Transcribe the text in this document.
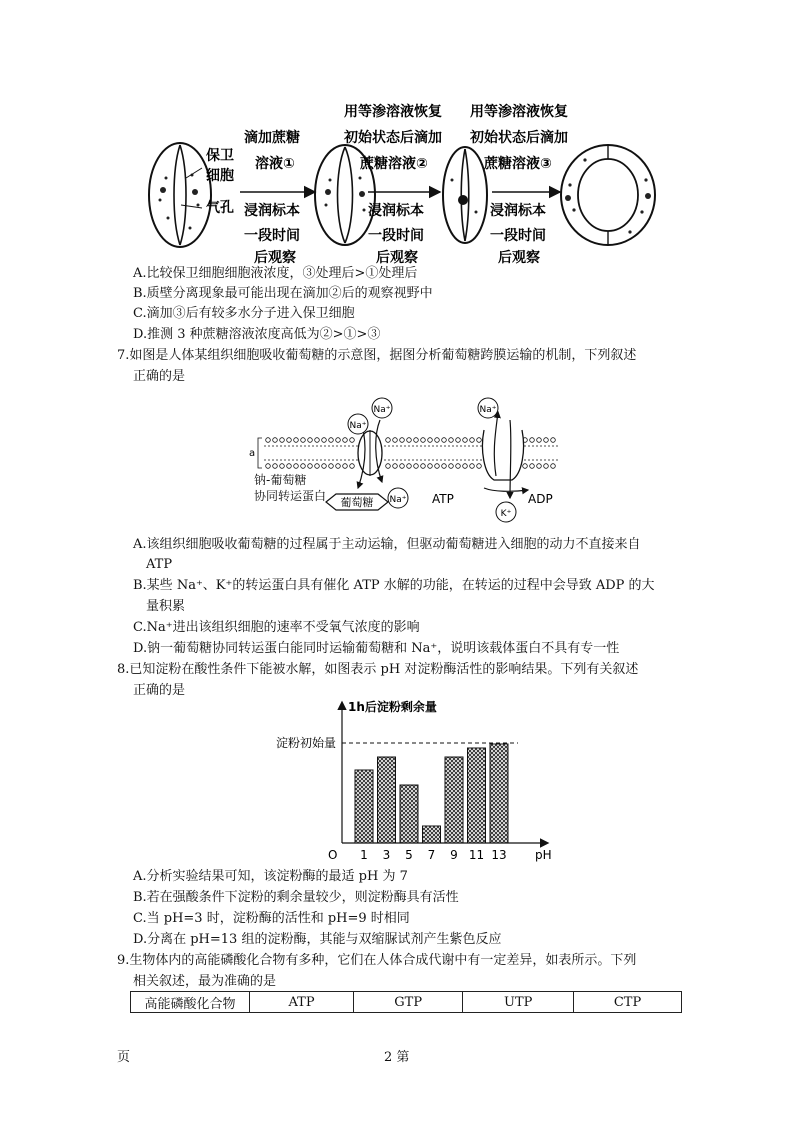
保卫
细胞
气孔
滴加蔗糖
溶液①
浸润标本
一段时间
后观察
用等渗溶液恢复
初始状态后滴加
蔗糖溶液②
浸润标本
一段时间
后观察
用等渗溶液恢复
初始状态后滴加
蔗糖溶液③
浸润标本
一段时间
后观察
A.比较保卫细胞细胞液浓度，③处理后>①处理后
B.质壁分离现象最可能出现在滴加②后的观察视野中
C.滴加③后有较多水分子进入保卫细胞
D.推测 3 种蔗糖溶液浓度高低为②>①>③
7.如图是人体某组织细胞吸收葡萄糖的示意图，据图分析葡萄糖跨膜运输的机制，下列叙述
正确的是
a
Na⁺
Na⁺
Na⁺
葡萄糖
Na⁺
K⁺
ATP	ADP
钠-葡萄糖
协同转运蛋白
A.该组织细胞吸收葡萄糖的过程属于主动运输，但驱动葡萄糖进入细胞的动力不直接来自
ATP
B.某些 Na⁺、K⁺的转运蛋白具有催化 ATP 水解的功能，在转运的过程中会导致 ADP 的大
量积累
C.Na⁺进出该组织细胞的速率不受氧气浓度的影响
D.钠一葡萄糖协同转运蛋白能同时运输葡萄糖和 Na⁺，说明该载体蛋白不具有专一性
8.已知淀粉在酸性条件下能被水解，如图表示 pH 对淀粉酶活性的影响结果。下列有关叙述
正确的是
1h后淀粉剩余量
pH
O
淀粉初始量
1 3 5 7 9 11 13
A.分析实验结果可知，该淀粉酶的最适 pH 为 7
B.若在强酸条件下淀粉的剩余量较少，则淀粉酶具有活性
C.当 pH=3 时，淀粉酶的活性和 pH=9 时相同
D.分离在 pH=13 组的淀粉酶，其能与双缩脲试剂产生紫色反应
9.生物体内的高能磷酸化合物有多种，它们在人体合成代谢中有一定差异，如表所示。下列
相关叙述，最为准确的是
高能磷酸化合物	ATP	GTP	UTP	CTP
页	2 第
